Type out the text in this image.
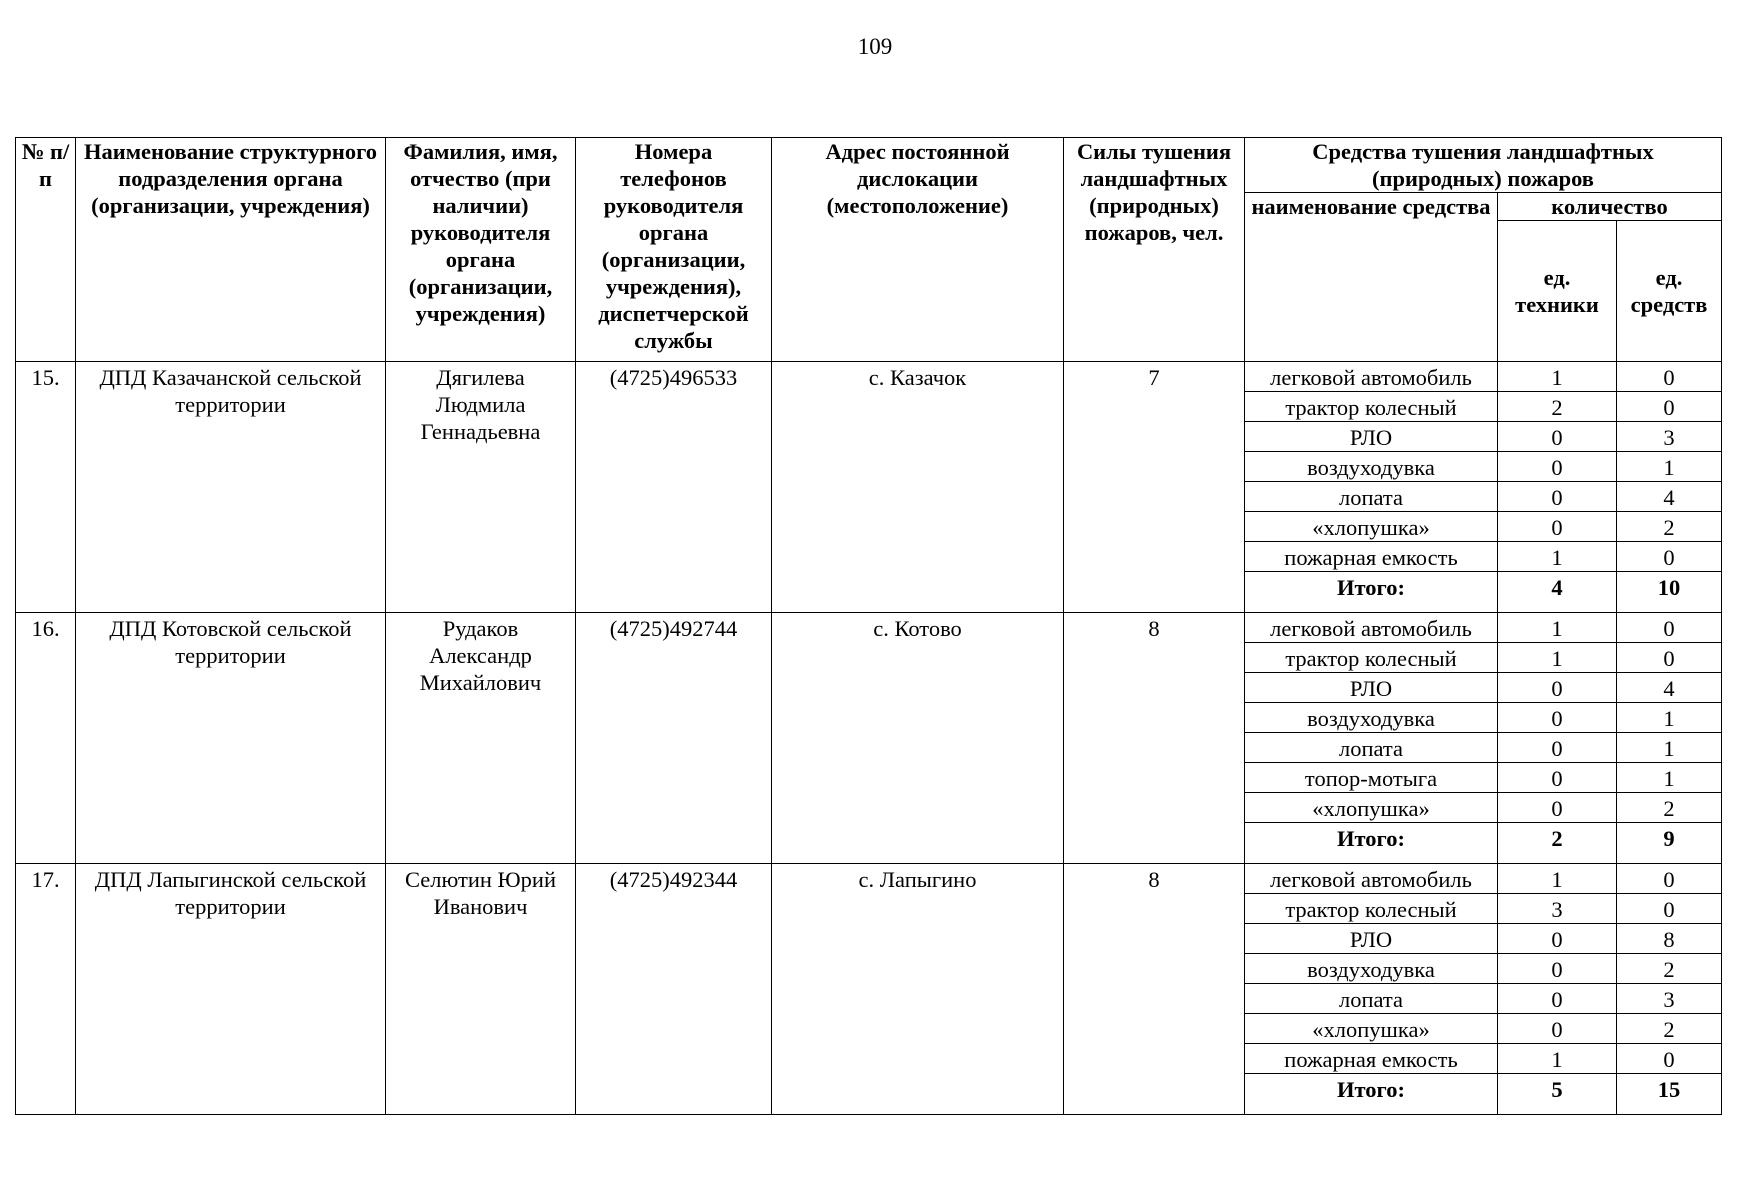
109
№ п/п	Наименование структурного подразделения органа (организации, учреждения)	Фамилия, имя, отчество (при наличии) руководителя органа (организации, учреждения)	Номера телефонов руководителя органа (организации, учреждения), диспетчерской службы	Адрес постоянной дислокации (местоположение)	Силы тушения ландшафтных (природных) пожаров, чел.	Средства тушения ландшафтных (природных) пожаров		
						наименование средства	количество	
							ед. техники	ед. средств
15.	ДПД Казачанской сельской территории	Дягилева Людмила Геннадьевна	(4725)496533	с. Казачок	7	легковой автомобиль	1	0
						трактор колесный	2	0
						РЛО	0	3
						воздуходувка	0	1
						лопата	0	4
						«хлопушка»	0	2
						пожарная емкость	1	0
						Итого:	4	10
16.	ДПД Котовской сельской территории	Рудаков Александр Михайлович	(4725)492744	с. Котово	8	легковой автомобиль	1	0
						трактор колесный	1	0
						РЛО	0	4
						воздуходувка	0	1
						лопата	0	1
						топор-мотыга	0	1
						«хлопушка»	0	2
						Итого:	2	9
17.	ДПД Лапыгинской сельской территории	Селютин Юрий Иванович	(4725)492344	с. Лапыгино	8	легковой автомобиль	1	0
						трактор колесный	3	0
						РЛО	0	8
						воздуходувка	0	2
						лопата	0	3
						«хлопушка»	0	2
						пожарная емкость	1	0
						Итого:	5	15
